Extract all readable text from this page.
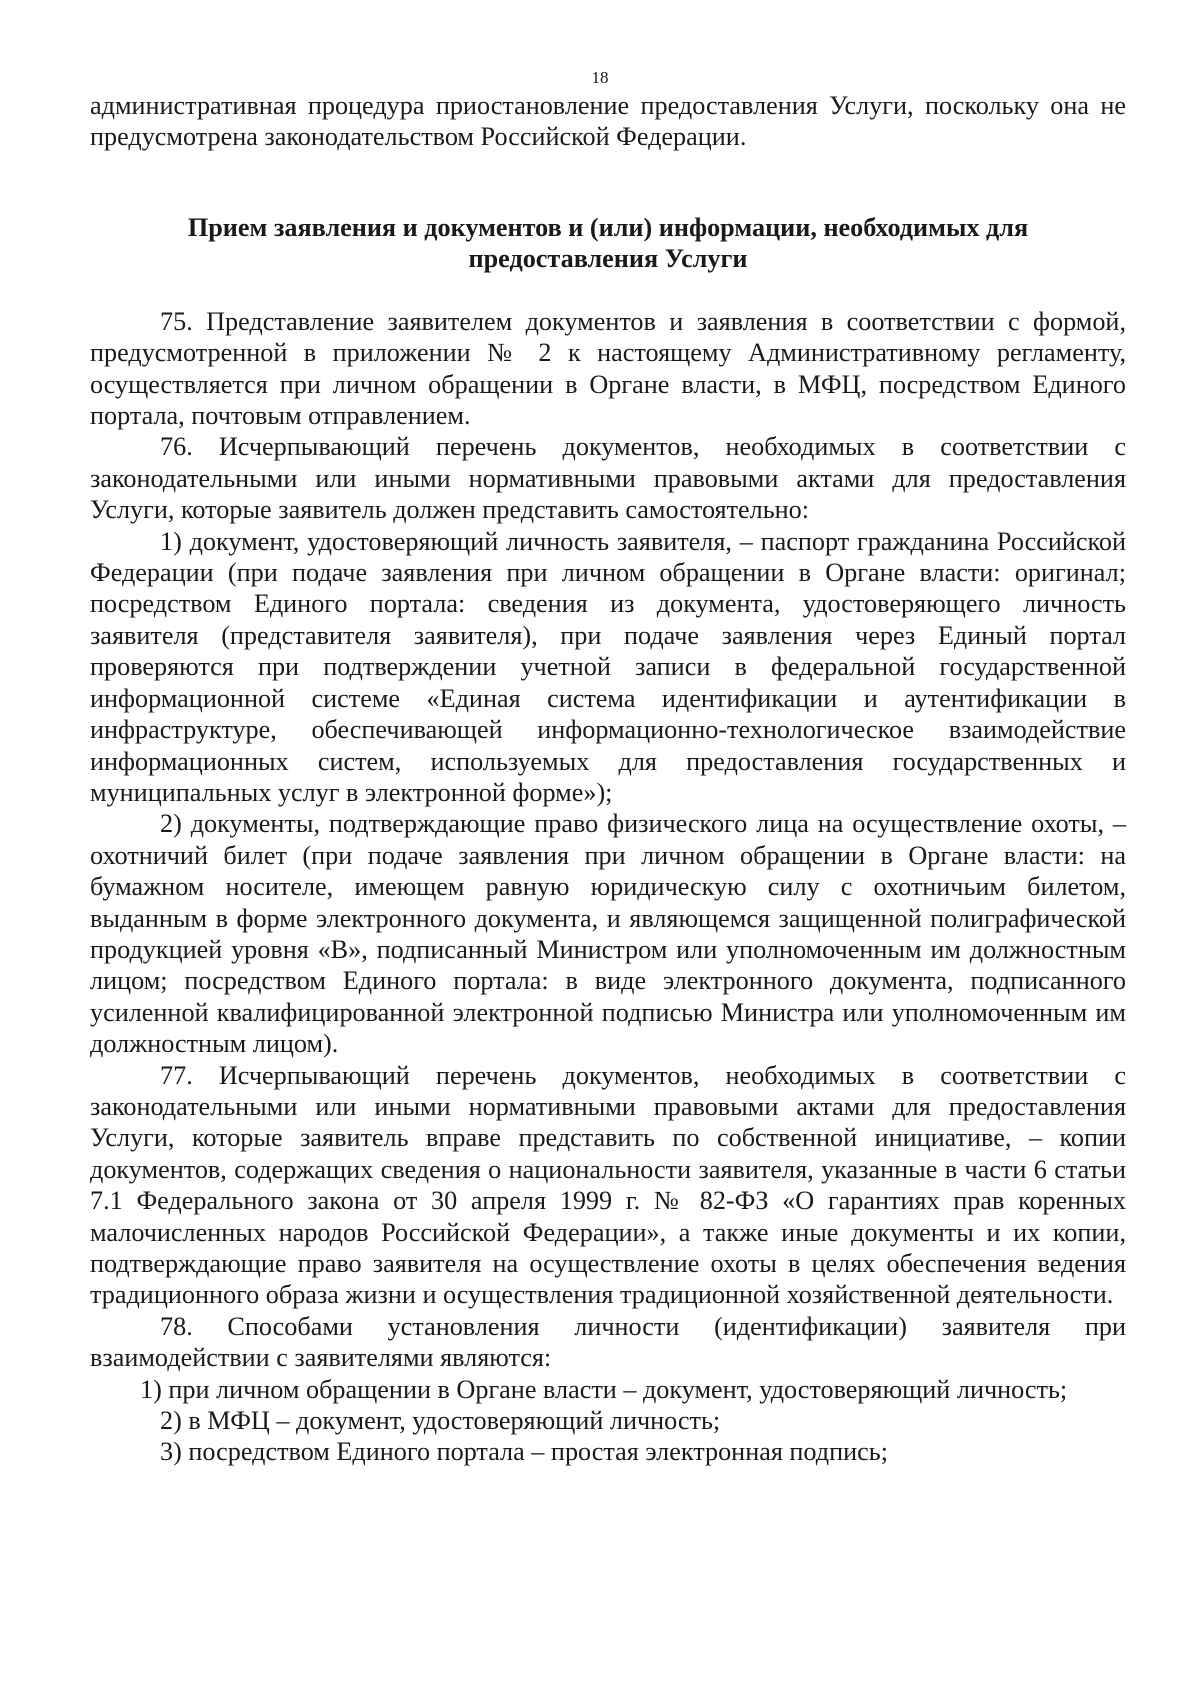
18

административная процедура приостановление предоставления Услуги, поскольку она не предусмотрена законодательством Российской Федерации.

Прием заявления и документов и (или) информации, необходимых для

предоставления Услуги

75. Представление заявителем документов и заявления в соответствии с формой, предусмотренной в приложении № 2 к настоящему Административному регламенту, осуществляется при личном обращении в Органе власти, в МФЦ, посредством Единого портала, почтовым отправлением.

76. Исчерпывающий перечень документов, необходимых в соответствии с законодательными или иными нормативными правовыми актами для предоставления Услуги, которые заявитель должен представить самостоятельно:

1) документ, удостоверяющий личность заявителя, – паспорт гражданина Российской Федерации (при подаче заявления при личном обращении в Органе власти: оригинал; посредством Единого портала: сведения из документа, удостоверяющего личность заявителя (представителя заявителя), при подаче заявления через Единый портал проверяются при подтверждении учетной записи в федеральной государственной информационной системе «Единая система идентификации и аутентификации в инфраструктуре, обеспечивающей информационно-технологическое взаимодействие информационных систем, используемых для предоставления государственных и муниципальных услуг в электронной форме»);

2) документы, подтверждающие право физического лица на осуществление охоты, – охотничий билет (при подаче заявления при личном обращении в Органе власти: на бумажном носителе, имеющем равную юридическую силу с охотничьим билетом, выданным в форме электронного документа, и являющемся защищенной полиграфической продукцией уровня «В», подписанный Министром или уполномоченным им должностным лицом; посредством Единого портала: в виде электронного документа, подписанного усиленной квалифицированной электронной подписью Министра или уполномоченным им должностным лицом).

77. Исчерпывающий перечень документов, необходимых в соответствии с законодательными или иными нормативными правовыми актами для предоставления Услуги, которые заявитель вправе представить по собственной инициативе, – копии документов, содержащих сведения о национальности заявителя, указанные в части 6 статьи 7.1 Федерального закона от 30 апреля 1999 г. № 82-ФЗ «О гарантиях прав коренных малочисленных народов Российской Федерации», а также иные документы и их копии, подтверждающие право заявителя на осуществление охоты в целях обеспечения ведения традиционного образа жизни и осуществления традиционной хозяйственной деятельности.

78. Способами установления личности (идентификации) заявителя при взаимодействии с заявителями являются:

1) при личном обращении в Органе власти – документ, удостоверяющий личность;

2) в МФЦ – документ, удостоверяющий личность;

3) посредством Единого портала – простая электронная подпись;
